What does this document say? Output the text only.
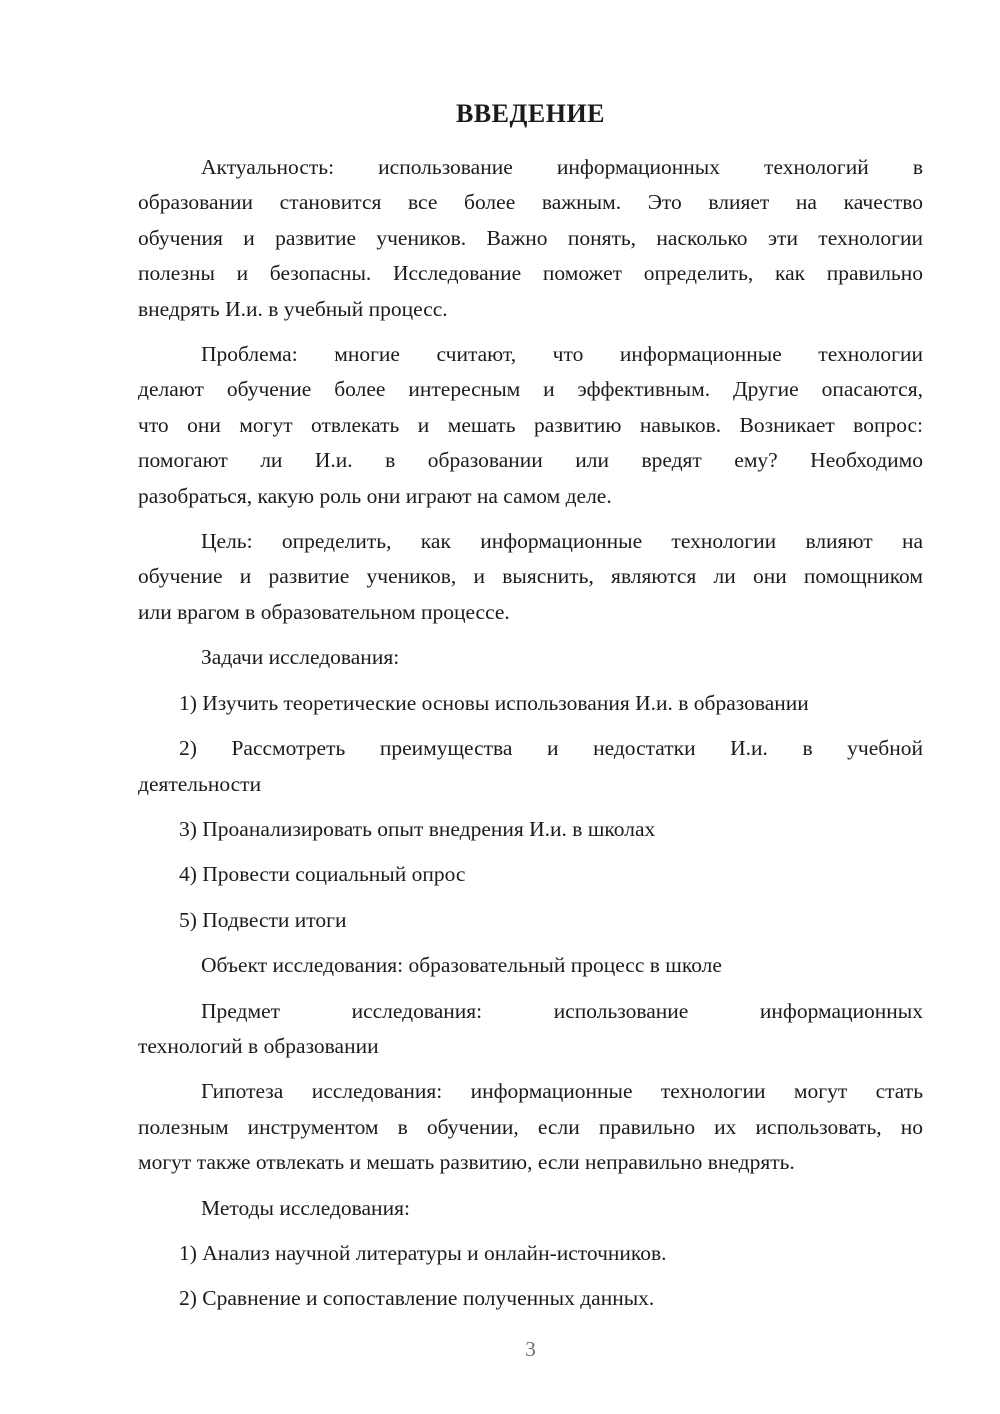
ВВЕДЕНИЕ

Актуальность: использование информационных технологий в
образовании становится все более важным. Это влияет на качество
обучения и развитие учеников. Важно понять, насколько эти технологии
полезны и безопасны. Исследование поможет определить, как правильно
внедрять И.и. в учебный процесс.

Проблема: многие считают, что информационные технологии
делают обучение более интересным и эффективным. Другие опасаются,
что они могут отвлекать и мешать развитию навыков. Возникает вопрос:
помогают ли И.и. в образовании или вредят ему? Необходимо
разобраться, какую роль они играют на самом деле.

Цель: определить, как информационные технологии влияют на
обучение и развитие учеников, и выяснить, являются ли они помощником
или врагом в образовательном процессе.

Задачи исследования:

1) Изучить теоретические основы использования И.и. в образовании

2) Рассмотреть преимущества и недостатки И.и. в учебной
деятельности

3) Проанализировать опыт внедрения И.и. в школах

4) Провести социальный опрос

5) Подвести итоги

Объект исследования: образовательный процесс в школе

Предмет исследования: использование информационных
технологий в образовании

Гипотеза исследования: информационные технологии могут стать
полезным инструментом в обучении, если правильно их использовать, но
могут также отвлекать и мешать развитию, если неправильно внедрять.

Методы исследования:

1) Анализ научной литературы и онлайн-источников.

2) Сравнение и сопоставление полученных данных.

3
